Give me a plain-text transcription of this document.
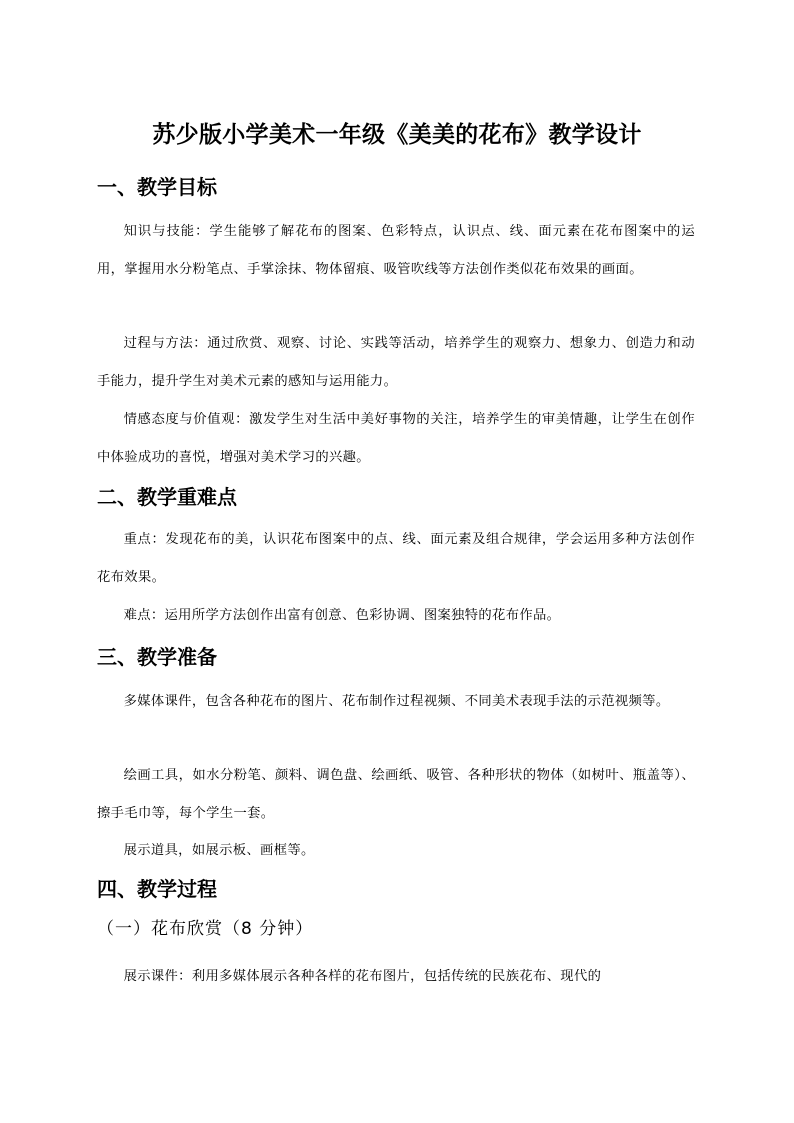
苏少版小学美术一年级《美美的花布》教学设计
一、教学目标

知识与技能：学生能够了解花布的图案、色彩特点，认识点、线、面元素在花布图案中的运用，掌握用水分粉笔点、手掌涂抹、物体留痕、吸管吹线等方法创作类似花布效果的画面。

过程与方法：通过欣赏、观察、讨论、实践等活动，培养学生的观察力、想象力、创造力和动手能力，提升学生对美术元素的感知与运用能力。

情感态度与价值观：激发学生对生活中美好事物的关注，培养学生的审美情趣，让学生在创作中体验成功的喜悦，增强对美术学习的兴趣。

二、教学重难点

重点：发现花布的美，认识花布图案中的点、线、面元素及组合规律，学会运用多种方法创作花布效果。

难点：运用所学方法创作出富有创意、色彩协调、图案独特的花布作品。

三、教学准备

多媒体课件，包含各种花布的图片、花布制作过程视频、不同美术表现手法的示范视频等。

绘画工具，如水分粉笔、颜料、调色盘、绘画纸、吸管、各种形状的物体（如树叶、瓶盖等）、擦手毛巾等，每个学生一套。

展示道具，如展示板、画框等。

四、教学过程
（一）花布欣赏（8 分钟）

展示课件：利用多媒体展示各种各样的花布图片，包括传统的民族花布、现代的
